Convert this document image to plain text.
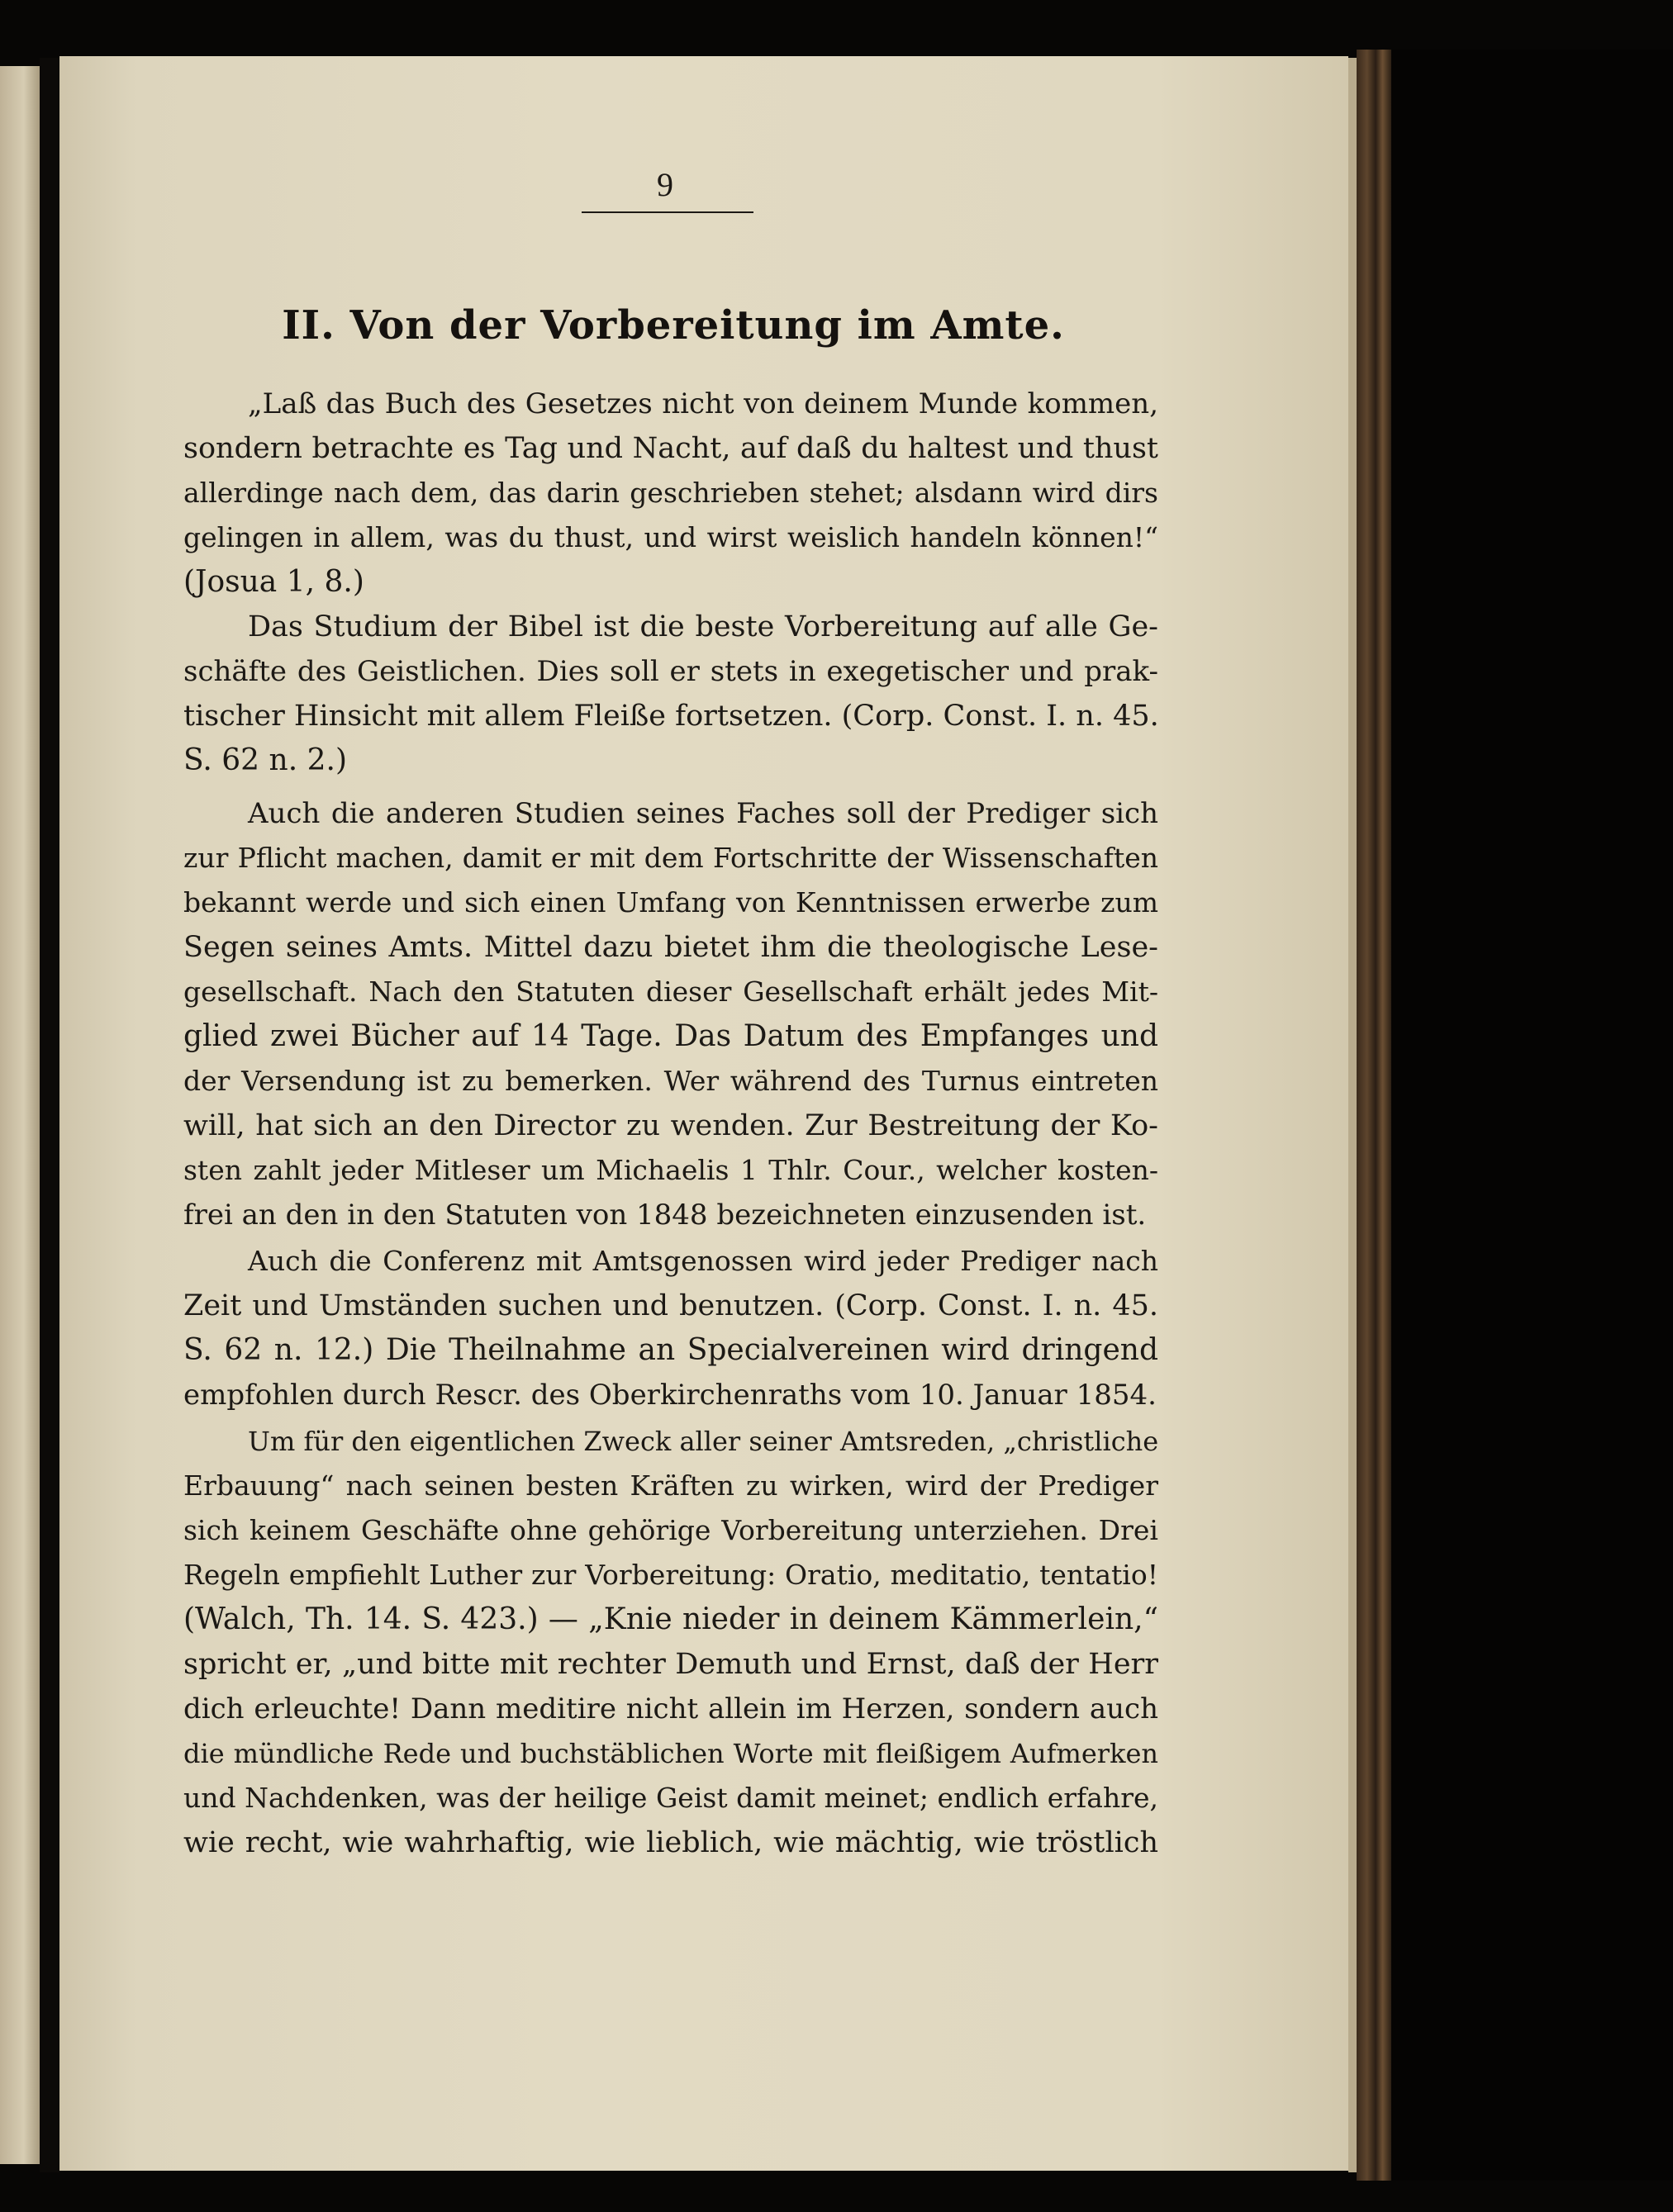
9
II. Von der Vorbereitung im Amte.
„Laß das Buch des Gesetzes nicht von deinem Munde kommen,
sondern betrachte es Tag und Nacht, auf daß du haltest und thust
allerdinge nach dem, das darin geschrieben stehet; alsdann wird dirs
gelingen in allem, was du thust, und wirst weislich handeln können!“
(Josua 1, 8.)
Das Studium der Bibel ist die beste Vorbereitung auf alle Ge-
schäfte des Geistlichen. Dies soll er stets in exegetischer und prak-
tischer Hinsicht mit allem Fleiße fortsetzen. (Corp. Const. I. n. 45.
S. 62 n. 2.)
Auch die anderen Studien seines Faches soll der Prediger sich
zur Pflicht machen, damit er mit dem Fortschritte der Wissenschaften
bekannt werde und sich einen Umfang von Kenntnissen erwerbe zum
Segen seines Amts. Mittel dazu bietet ihm die theologische Lese-
gesellschaft. Nach den Statuten dieser Gesellschaft erhält jedes Mit-
glied zwei Bücher auf 14 Tage. Das Datum des Empfanges und
der Versendung ist zu bemerken. Wer während des Turnus eintreten
will, hat sich an den Director zu wenden. Zur Bestreitung der Ko-
sten zahlt jeder Mitleser um Michaelis 1 Thlr. Cour., welcher kosten-
frei an den in den Statuten von 1848 bezeichneten einzusenden ist.
Auch die Conferenz mit Amtsgenossen wird jeder Prediger nach
Zeit und Umständen suchen und benutzen. (Corp. Const. I. n. 45.
S. 62 n. 12.) Die Theilnahme an Specialvereinen wird dringend
empfohlen durch Rescr. des Oberkirchenraths vom 10. Januar 1854.
Um für den eigentlichen Zweck aller seiner Amtsreden, „christliche
Erbauung“ nach seinen besten Kräften zu wirken, wird der Prediger
sich keinem Geschäfte ohne gehörige Vorbereitung unterziehen. Drei
Regeln empfiehlt Luther zur Vorbereitung: Oratio, meditatio, tentatio!
(Walch, Th. 14. S. 423.) — „Knie nieder in deinem Kämmerlein,“
spricht er, „und bitte mit rechter Demuth und Ernst, daß der Herr
dich erleuchte! Dann meditire nicht allein im Herzen, sondern auch
die mündliche Rede und buchstäblichen Worte mit fleißigem Aufmerken
und Nachdenken, was der heilige Geist damit meinet; endlich erfahre,
wie recht, wie wahrhaftig, wie lieblich, wie mächtig, wie tröstlich
